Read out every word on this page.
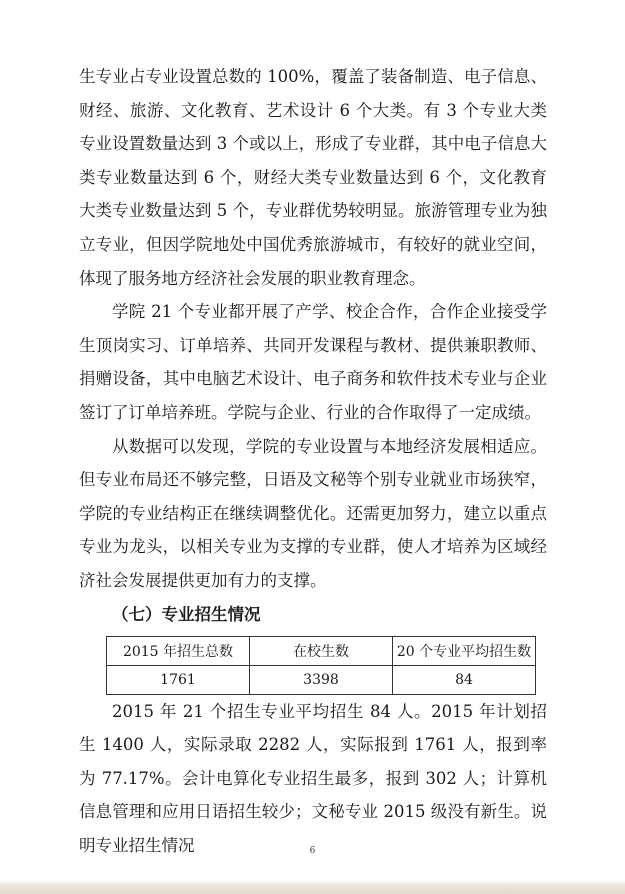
生专业占专业设置总数的 100%，覆盖了装备制造、电子信息、财经、旅游、文化教育、艺术设计 6 个大类。有 3 个专业大类专业设置数量达到 3 个或以上，形成了专业群，其中电子信息大类专业数量达到 6 个，财经大类专业数量达到 6 个，文化教育大类专业数量达到 5 个，专业群优势较明显。旅游管理专业为独立专业，但因学院地处中国优秀旅游城市，有较好的就业空间，体现了服务地方经济社会发展的职业教育理念。

学院 21 个专业都开展了产学、校企合作，合作企业接受学生顶岗实习、订单培养、共同开发课程与教材、提供兼职教师、捐赠设备，其中电脑艺术设计、电子商务和软件技术专业与企业签订了订单培养班。学院与企业、行业的合作取得了一定成绩。

从数据可以发现，学院的专业设置与本地经济发展相适应。但专业布局还不够完整，日语及文秘等个别专业就业市场狭窄，学院的专业结构正在继续调整优化。还需更加努力，建立以重点专业为龙头，以相关专业为支撑的专业群，使人才培养为区域经济社会发展提供更加有力的支撑。

（七）专业招生情况

2015 年招生总数	在校生数	20 个专业平均招生数
1761	3398	84

2015 年 21 个招生专业平均招生 84 人。2015 年计划招生 1400 人，实际录取 2282 人，实际报到 1761 人，报到率为 77.17%。会计电算化专业招生最多，报到 302 人；计算机信息管理和应用日语招生较少；文秘专业 2015 级没有新生。说明专业招生情况	6
